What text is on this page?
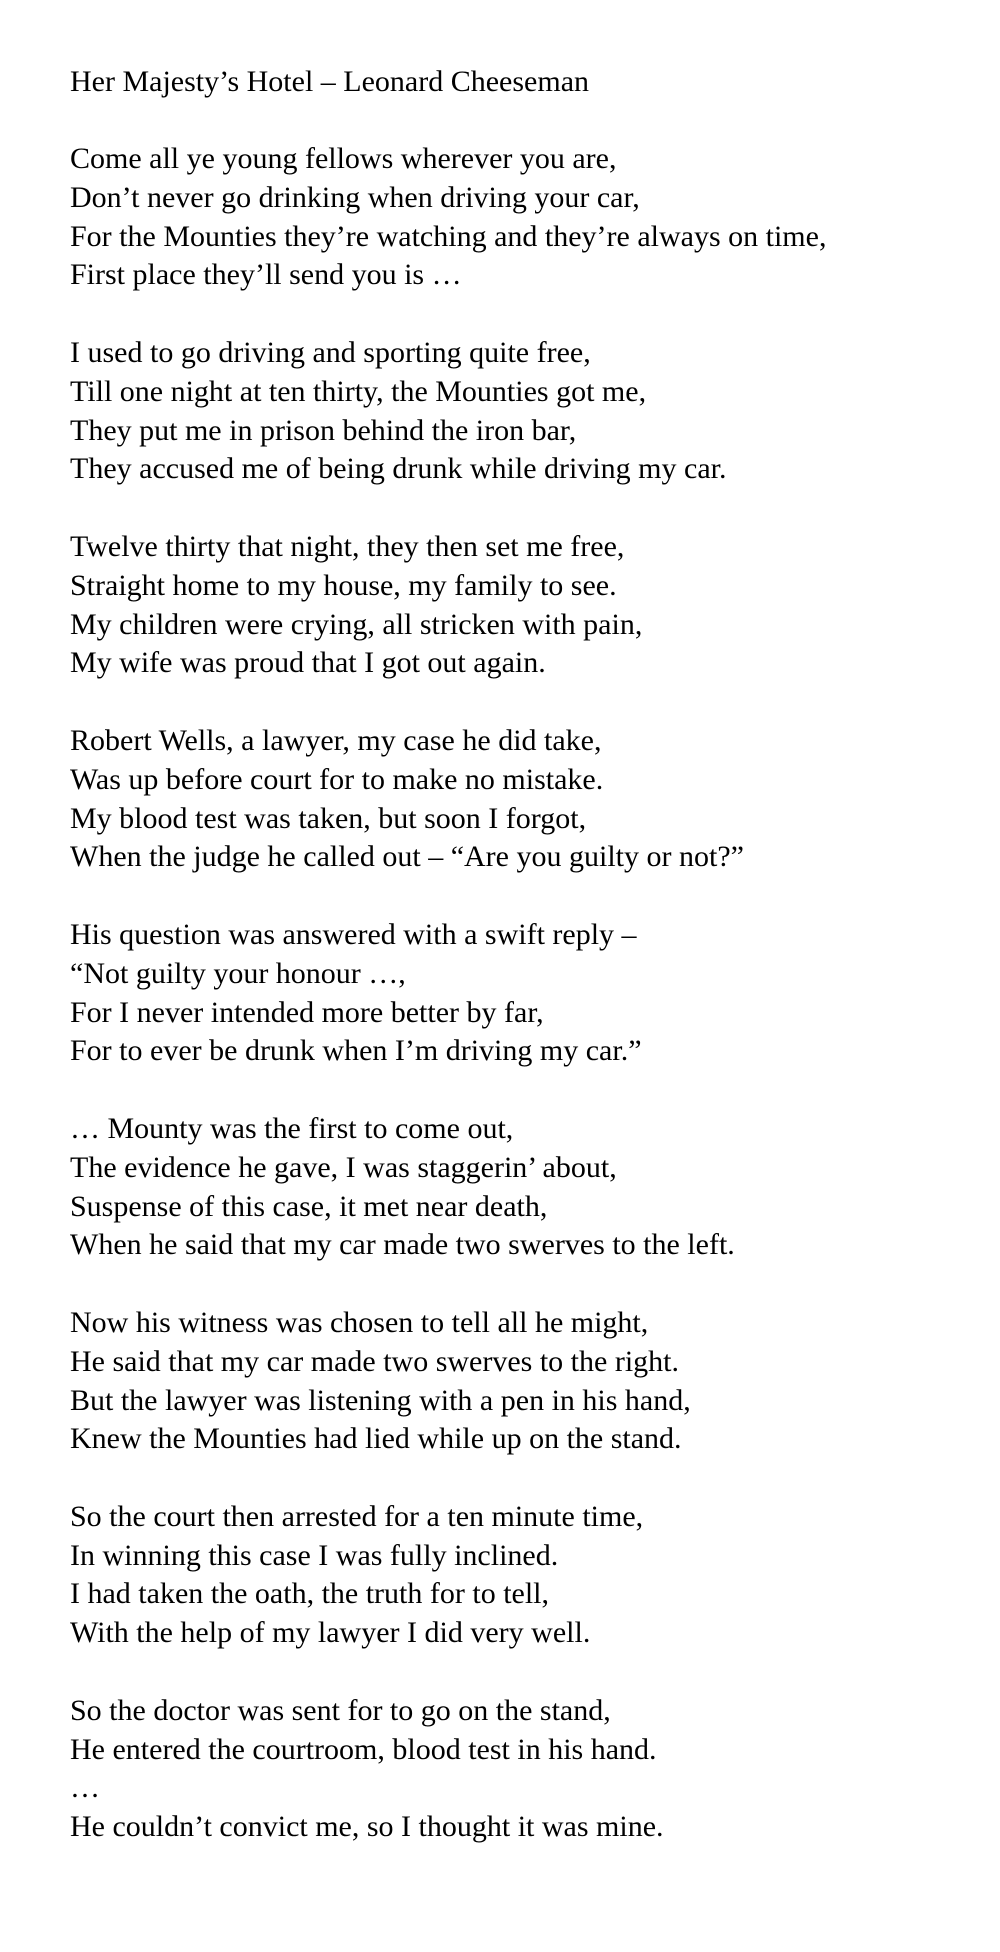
Her Majesty’s Hotel – Leonard Cheeseman
Come all ye young fellows wherever you are,
Don’t never go drinking when driving your car,
For the Mounties they’re watching and they’re always on time,
First place they’ll send you is …
I used to go driving and sporting quite free,
Till one night at ten thirty, the Mounties got me,
They put me in prison behind the iron bar,
They accused me of being drunk while driving my car.
Twelve thirty that night, they then set me free,
Straight home to my house, my family to see.
My children were crying, all stricken with pain,
My wife was proud that I got out again.
Robert Wells, a lawyer, my case he did take,
Was up before court for to make no mistake.
My blood test was taken, but soon I forgot,
When the judge he called out – “Are you guilty or not?”
His question was answered with a swift reply –
“Not guilty your honour …,
For I never intended more better by far,
For to ever be drunk when I’m driving my car.”
… Mounty was the first to come out,
The evidence he gave, I was staggerin’ about,
Suspense of this case, it met near death,
When he said that my car made two swerves to the left.
Now his witness was chosen to tell all he might,
He said that my car made two swerves to the right.
But the lawyer was listening with a pen in his hand,
Knew the Mounties had lied while up on the stand.
So the court then arrested for a ten minute time,
In winning this case I was fully inclined.
I had taken the oath, the truth for to tell,
With the help of my lawyer I did very well.
So the doctor was sent for to go on the stand,
He entered the courtroom, blood test in his hand.
…
He couldn’t convict me, so I thought it was mine.
